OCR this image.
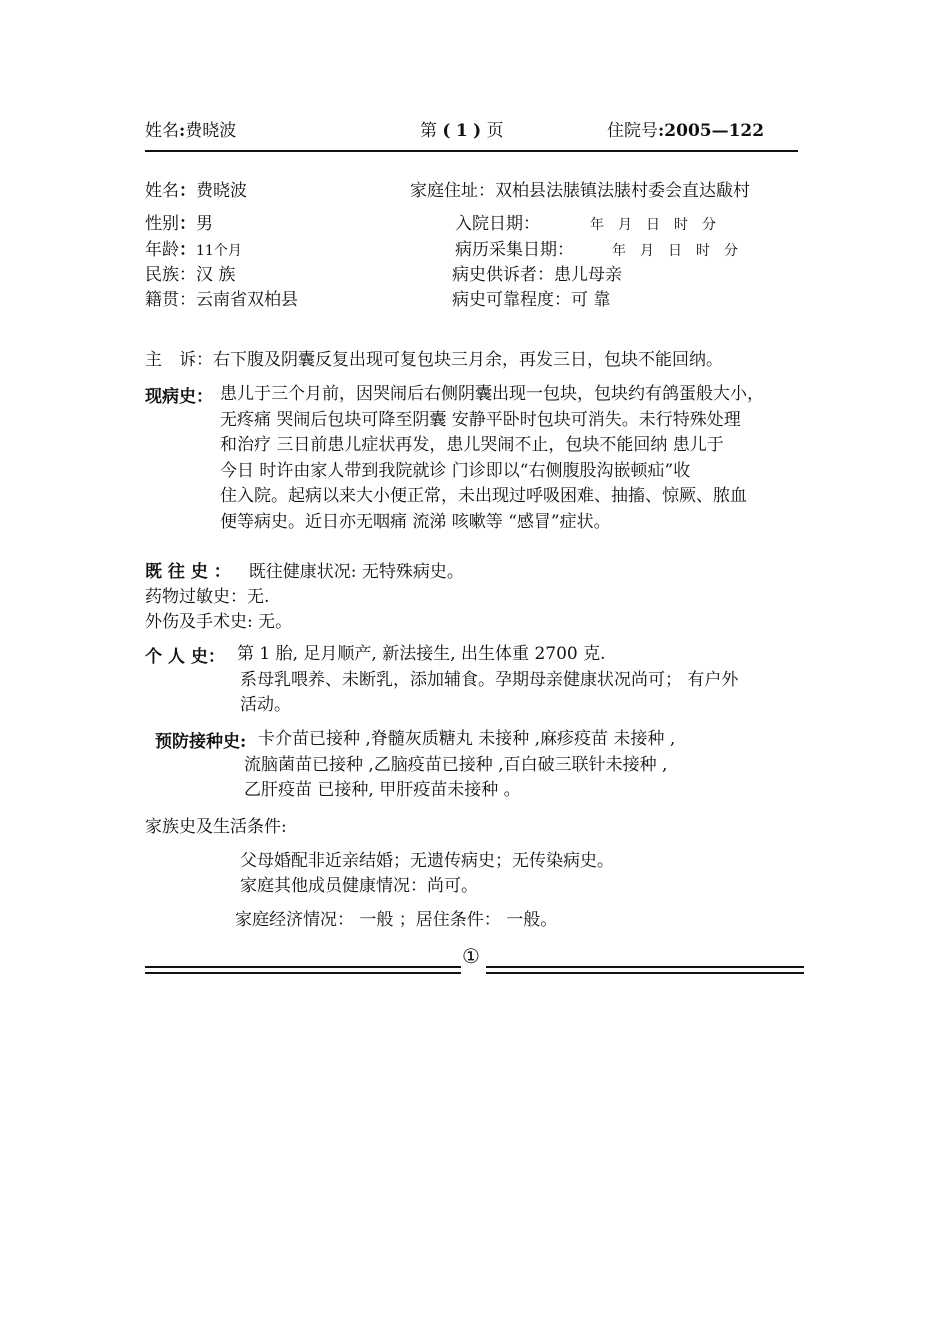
姓名:费晓波	第 ( 1 ) 页	住院号:2005—122
姓名：费晓波	家庭住址：双柏县法脿镇法脿村委会直达瞂村
性别：男	入院日期：	年　月　日　时　分
年龄：11个月	病历采集日期：	年　月　日　时　分
民族：汉 族	病史供诉者：患儿母亲
籍贯：云南省双柏县	病史可靠程度：可 靠
主　诉：右下腹及阴囊反复出现可复包块三月余，再发三日，包块不能回纳。
现病史： 患儿于三个月前，因哭闹后右侧阴囊出现一包块，包块约有鸽蛋般大小，
无疼痛 哭闹后包块可降至阴囊 安静平卧时包块可消失。未行特殊处理
和治疗 三日前患儿症状再发，患儿哭闹不止，包块不能回纳 患儿于
今日 时许由家人带到我院就诊 门诊即以“右侧腹股沟嵌顿疝”收
住入院。起病以来大小便正常，未出现过呼吸困难、抽搐、惊厥、脓血
便等病史。近日亦无咽痛 流涕 咳嗽等 “感冒”症状。
既 往 史 ： 既往健康状况: 无特殊病史。
药物过敏史：无.
外伤及手术史: 无。
个 人 史： 第 1 胎, 足月顺产, 新法接生, 出生体重 2700 克.
系母乳喂养、未断乳，添加辅食。孕期母亲健康状况尚可； 有户外
活动。
预防接种史: 卡介苗已接种 ,脊髓灰质糖丸 未接种 ,麻疹疫苗 未接种 ,
流脑菌苗已接种 ,乙脑疫苗已接种 ,百白破三联针未接种 ,
乙肝疫苗 已接种, 甲肝疫苗未接种 。
家族史及生活条件:
父母婚配非近亲结婚；无遗传病史；无传染病史。
家庭其他成员健康情况：尚可。
家庭经济情况： 一般 ；居住条件： 一般。
①
